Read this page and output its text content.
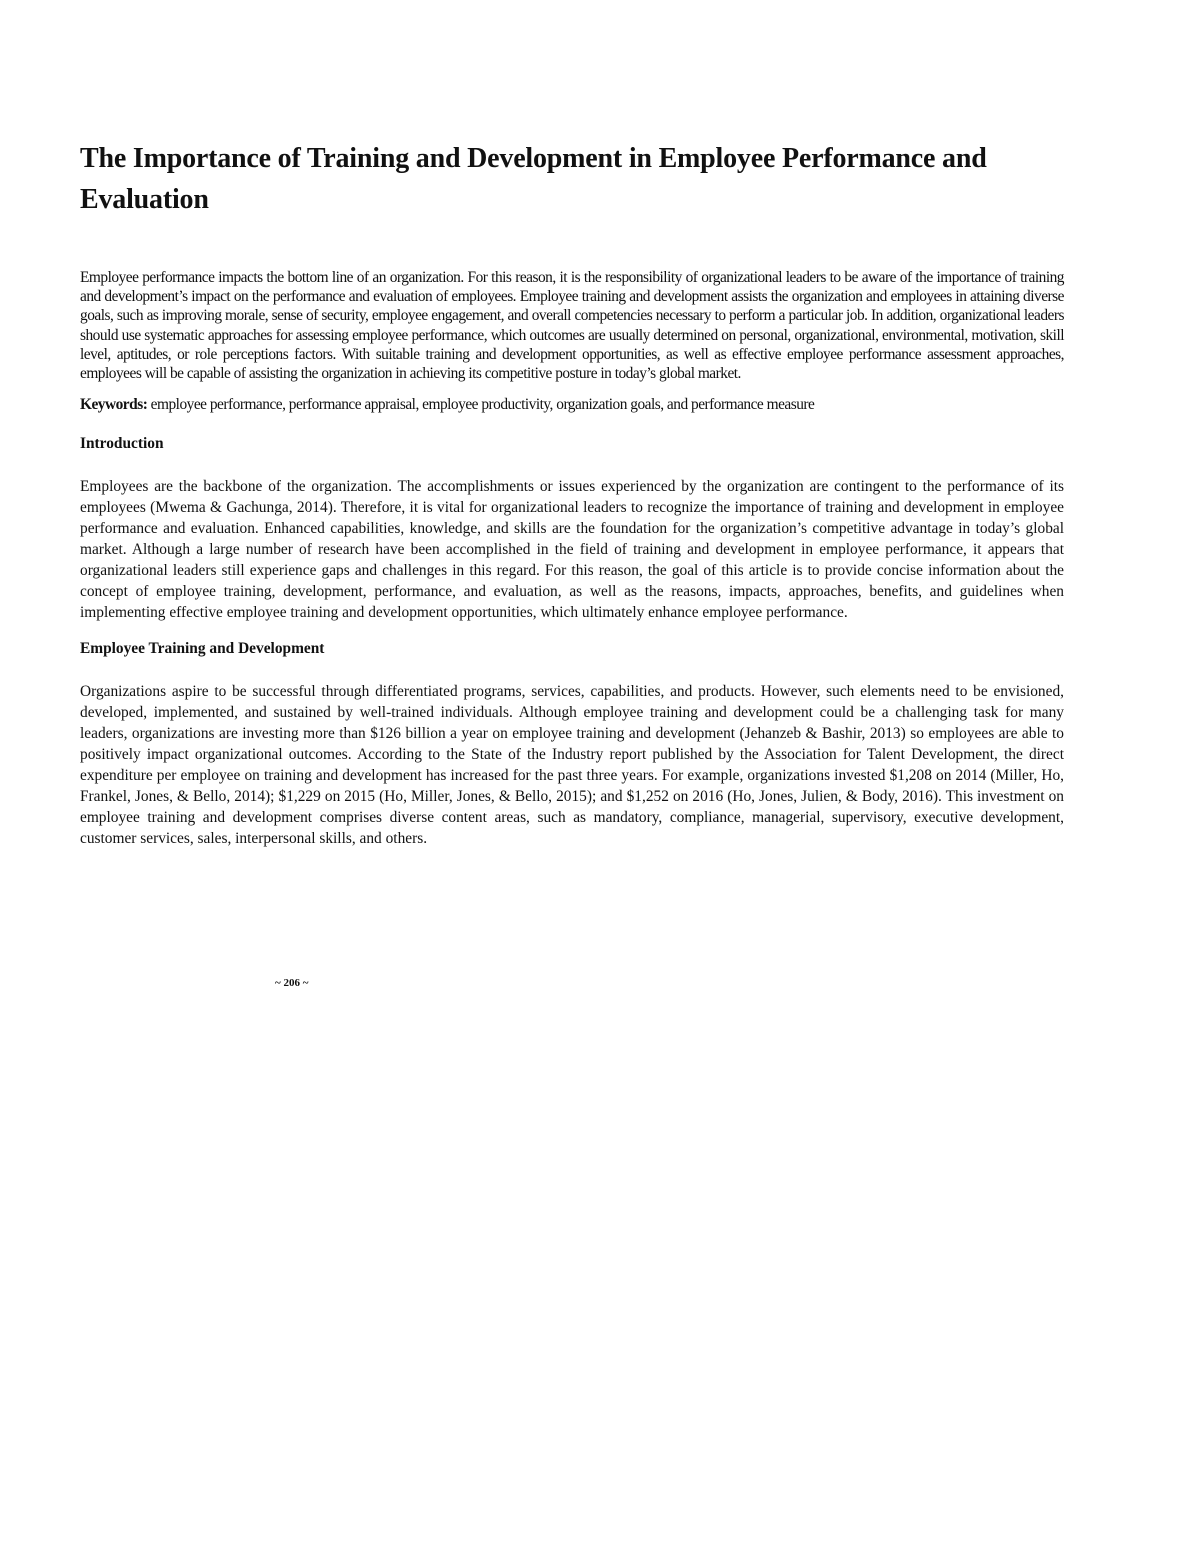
The Importance of Training and Development in Employee Performance and Evaluation

Employee performance impacts the bottom line of an organization. For this reason, it is the responsibility of organizational leaders to be aware of the importance of training and development’s impact on the performance and evaluation of employees. Employee training and development assists the organization and employees in attaining diverse goals, such as improving morale, sense of security, employee engagement, and overall competencies necessary to perform a particular job. In addition, organizational leaders should use systematic approaches for assessing employee performance, which outcomes are usually determined on personal, organizational, environmental, motivation, skill level, aptitudes, or role perceptions factors. With suitable training and development opportunities, as well as effective employee performance assessment approaches, employees will be capable of assisting the organization in achieving its competitive posture in today’s global market.

Keywords: employee performance, performance appraisal, employee productivity, organization goals, and performance measure

Introduction

Employees are the backbone of the organization. The accomplishments or issues experienced by the organization are contingent to the performance of its employees (Mwema & Gachunga, 2014). Therefore, it is vital for organizational leaders to recognize the importance of training and development in employee performance and evaluation. Enhanced capabilities, knowledge, and skills are the foundation for the organization’s competitive advantage in today’s global market. Although a large number of research have been accomplished in the field of training and development in employee performance, it appears that organizational leaders still experience gaps and challenges in this regard. For this reason, the goal of this article is to provide concise information about the concept of employee training, development, performance, and evaluation, as well as the reasons, impacts, approaches, benefits, and guidelines when implementing effective employee training and development opportunities, which ultimately enhance employee performance.

Employee Training and Development

Organizations aspire to be successful through differentiated programs, services, capabilities, and products. However, such elements need to be envisioned, developed, implemented, and sustained by well-trained individuals. Although employee training and development could be a challenging task for many leaders, organizations are investing more than $126 billion a year on employee training and development (Jehanzeb & Bashir, 2013) so employees are able to positively impact organizational outcomes. According to the State of the Industry report published by the Association for Talent Development, the direct expenditure per employee on training and development has increased for the past three years. For example, organizations invested $1,208 on 2014 (Miller, Ho, Frankel, Jones, & Bello, 2014); $1,229 on 2015 (Ho, Miller, Jones, & Bello, 2015); and $1,252 on 2016 (Ho, Jones, Julien, & Body, 2016). This investment on employee training and development comprises diverse content areas, such as mandatory, compliance, managerial, supervisory, executive development, customer services, sales, interpersonal skills, and others.

~ 206 ~
